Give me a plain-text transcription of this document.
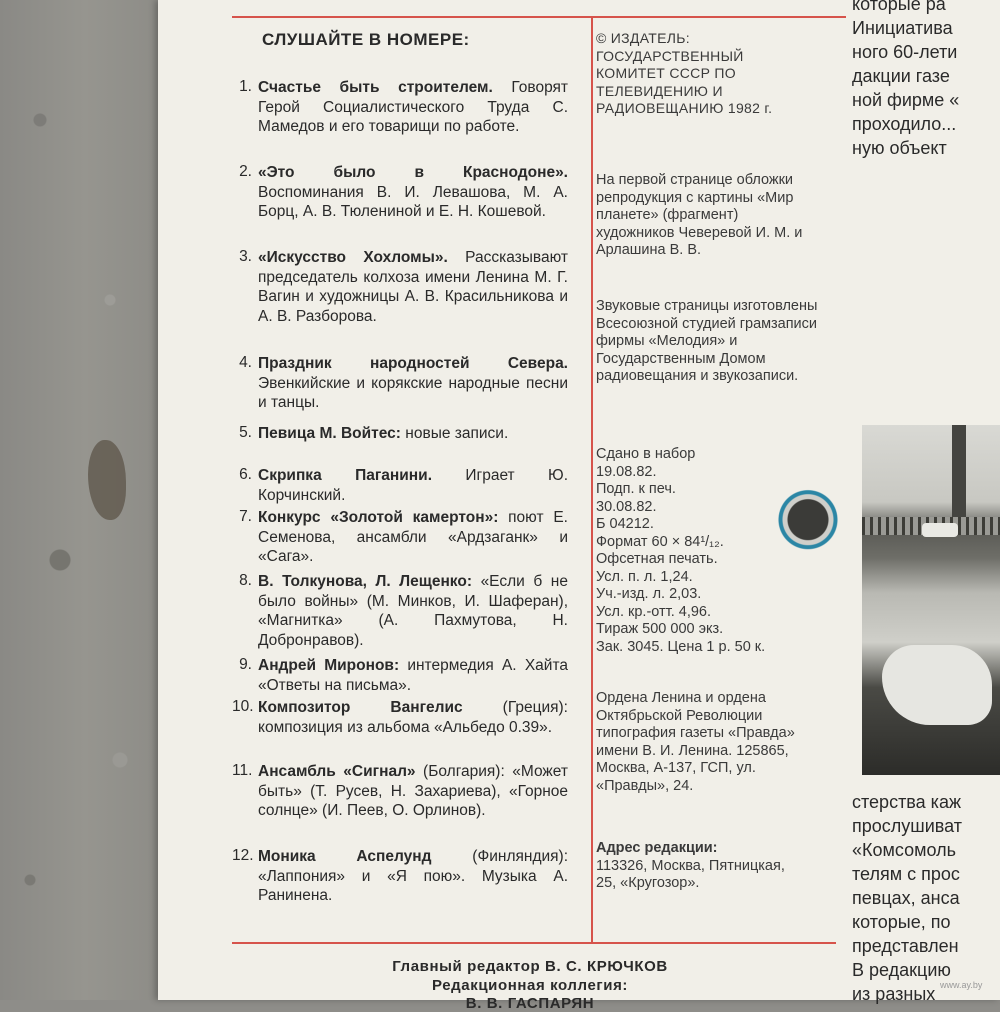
СЛУШАЙТЕ В НОМЕРЕ:
1. Счастье быть строителем. Говорят Герой Социалистического Труда С. Мамедов и его товарищи по работе.
2. «Это было в Краснодоне». Воспоминания В. И. Левашова, М. А. Борц, А. В. Тюлениной и Е. Н. Кошевой.
3. «Искусство Хохломы». Рассказывают председатель колхоза имени Ленина М. Г. Вагин и художницы А. В. Красильникова и А. В. Разборова.
4. Праздник народностей Севера. Эвенкийские и корякские народные песни и танцы.
5. Певица М. Войтес: новые записи.
6. Скрипка Паганини. Играет Ю. Корчинский.
7. Конкурс «Золотой камертон»: поют Е. Семенова, ансамбли «Ардзаганк» и «Сага».
8. В. Толкунова, Л. Лещенко: «Если б не было войны» (М. Минков, И. Шаферан), «Магнитка» (А. Пахмутова, Н. Добронравов).
9. Андрей Миронов: интермедия А. Хайта «Ответы на письма».
10. Композитор Вангелис (Греция): композиция из альбома «Альбедо 0.39».
11. Ансамбль «Сигнал» (Болгария): «Может быть» (Т. Русев, Н. Захариева), «Горное солнце» (И. Пеев, О. Орлинов).
12. Моника Аспелунд (Финляндия): «Лаппония» и «Я пою». Музыка А. Ранинена.
© ИЗДАТЕЛЬ: ГОСУДАРСТВЕННЫЙ КОМИТЕТ СССР ПО ТЕЛЕВИДЕНИЮ И РАДИОВЕЩАНИЮ 1982 г.
На первой странице обложки репродукция с картины «Мир планете» (фрагмент) художников Чеверевой И. М. и Арлашина В. В.
Звуковые страницы изготовлены Всесоюзной студией грамзаписи фирмы «Мелодия» и Государственным Домом радиовещания и звукозаписи.
Сдано в набор
19.08.82.
Подп. к печ.
30.08.82.
Б 04212.
Формат 60 × 84¹/₁₂.
Офсетная печать.
Усл. п. л. 1,24.
Уч.-изд. л. 2,03.
Усл. кр.-отт. 4,96.
Тираж 500 000 экз.
Зак. 3045. Цена 1 р. 50 к.
Ордена Ленина и ордена Октябрьской Революции типография газеты «Правда» имени В. И. Ленина. 125865, Москва, А-137, ГСП, ул. «Правды», 24.
Адрес редакции:
113326, Москва, Пятницкая, 25, «Кругозор».
Главный редактор В. С. КРЮЧКОВ
Редакционная коллегия:
В. В. ГАСПАРЯН
которые ра
Инициатива
ного 60-лети
дакции газе
ной фирме «
проходило...
ную объект
стерства каж
прослушиват
«Комсомоль
телям с прос
певцах, анса
которые, по
представлен
В редакцию
из разных www.ay.by
